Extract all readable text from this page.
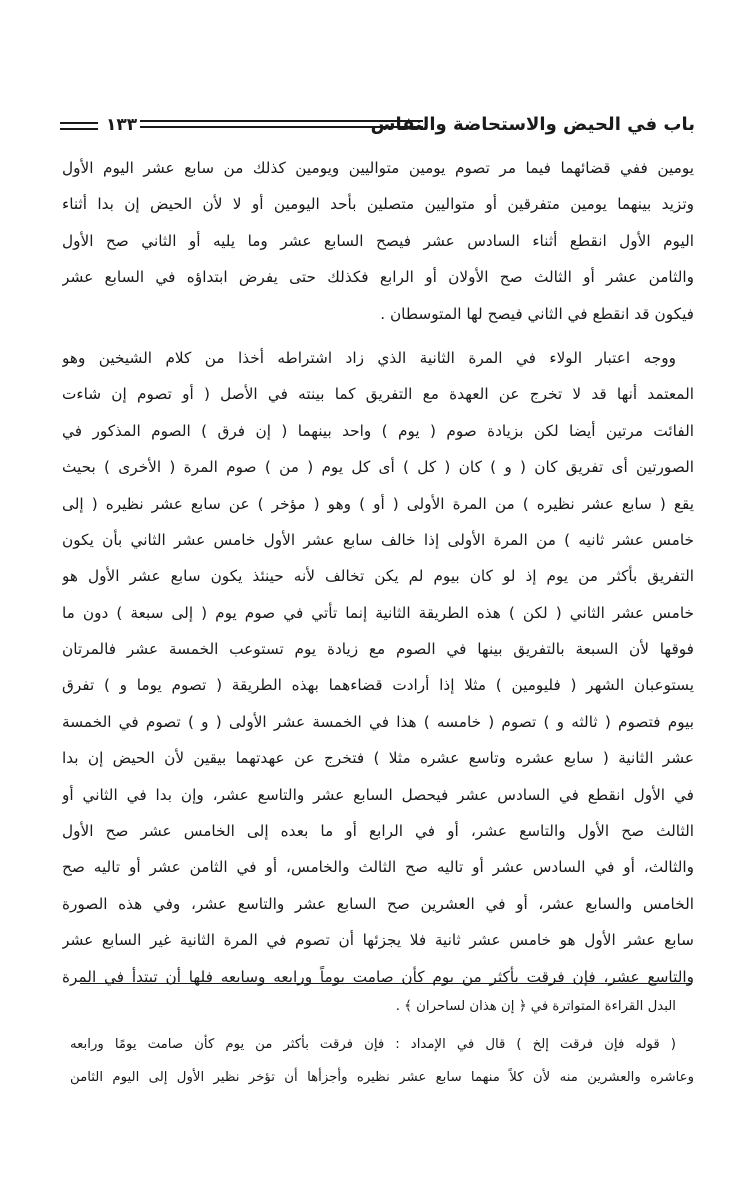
باب في الحيض والاستحاضة والنفاس
١٣٣
يومين ففي قضائهما فيما مر تصوم يومين متواليين ويومين كذلك من سابع عشر اليوم الأول
وتزيد بينهما يومين متفرقين أو متواليين متصلين بأحد اليومين أو لا لأن الحيض إن بدا أثناء
اليوم الأول انقطع أثناء السادس عشر فيصح السابع عشر وما يليه أو الثاني صح الأول
والثامن عشر أو الثالث صح الأولان أو الرابع فكذلك حتى يفرض ابتداؤه في السابع عشر
فيكون قد انقطع في الثاني فيصح لها المتوسطان .
ووجه اعتبار الولاء في المرة الثانية الذي زاد اشتراطه أخذا من كلام الشيخين وهو
المعتمد أنها قد لا تخرج عن العهدة مع التفريق كما بينته في الأصل ( أو تصوم إن شاءت
الفائت مرتين أيضا لكن بزيادة صوم ( يوم ) واحد بينهما ( إن فرق ) الصوم المذكور في
الصورتين أى تفريق كان ( و ) كان ( كل ) أى كل يوم ( من ) صوم المرة ( الأخرى ) بحيث
يقع ( سابع عشر نظيره ) من المرة الأولى ( أو ) وهو ( مؤخر ) عن سابع عشر نظيره ( إلى
خامس عشر ثانيه ) من المرة الأولى إذا خالف سابع عشر الأول خامس عشر الثاني بأن يكون
التفريق بأكثر من يوم إذ لو كان بيوم لم يكن تخالف لأنه حينئذ يكون سابع عشر الأول هو
خامس عشر الثاني ( لكن ) هذه الطريقة الثانية إنما تأتي في صوم يوم ( إلى سبعة ) دون ما
فوقها لأن السبعة بالتفريق بينها في الصوم مع زيادة يوم تستوعب الخمسة عشر فالمرتان
يستوعبان الشهر ( فليومين ) مثلا إذا أرادت قضاءهما بهذه الطريقة ( تصوم يوما و ) تفرق
بيوم فتصوم ( ثالثه و ) تصوم ( خامسه ) هذا في الخمسة عشر الأولى ( و ) تصوم في الخمسة
عشر الثانية ( سابع عشره وتاسع عشره مثلا ) فتخرج عن عهدتهما بيقين لأن الحيض إن بدا
في الأول انقطع في السادس عشر فيحصل السابع عشر والتاسع عشر، وإن بدا في الثاني أو
الثالث صح الأول والتاسع عشر، أو في الرابع أو ما بعده إلى الخامس عشر صح الأول
والثالث، أو في السادس عشر أو تاليه صح الثالث والخامس، أو في الثامن عشر أو تاليه صح
الخامس والسابع عشر، أو في العشرين صح السابع عشر والتاسع عشر، وفي هذه الصورة
سابع عشر الأول هو خامس عشر ثانية فلا يجزئها أن تصوم في المرة الثانية غير السابع عشر
والتاسع عشر، فإن فرقت بأكثر من يوم كأن صامت يوماً ورابعه وسابعه فلها أن تبتدأ في المرة
البدل القراءة المتواترة في ﴿ إن هذان لساحران ﴾ .
( قوله فإن فرقت إلخ ) قال في الإمداد : فإن فرقت بأكثر من يوم كأن صامت يومًا ورابعه
وعاشره والعشرين منه لأن كلاً منهما سابع عشر نظيره وأجزأها أن تؤخر نظير الأول إلى اليوم الثامن
